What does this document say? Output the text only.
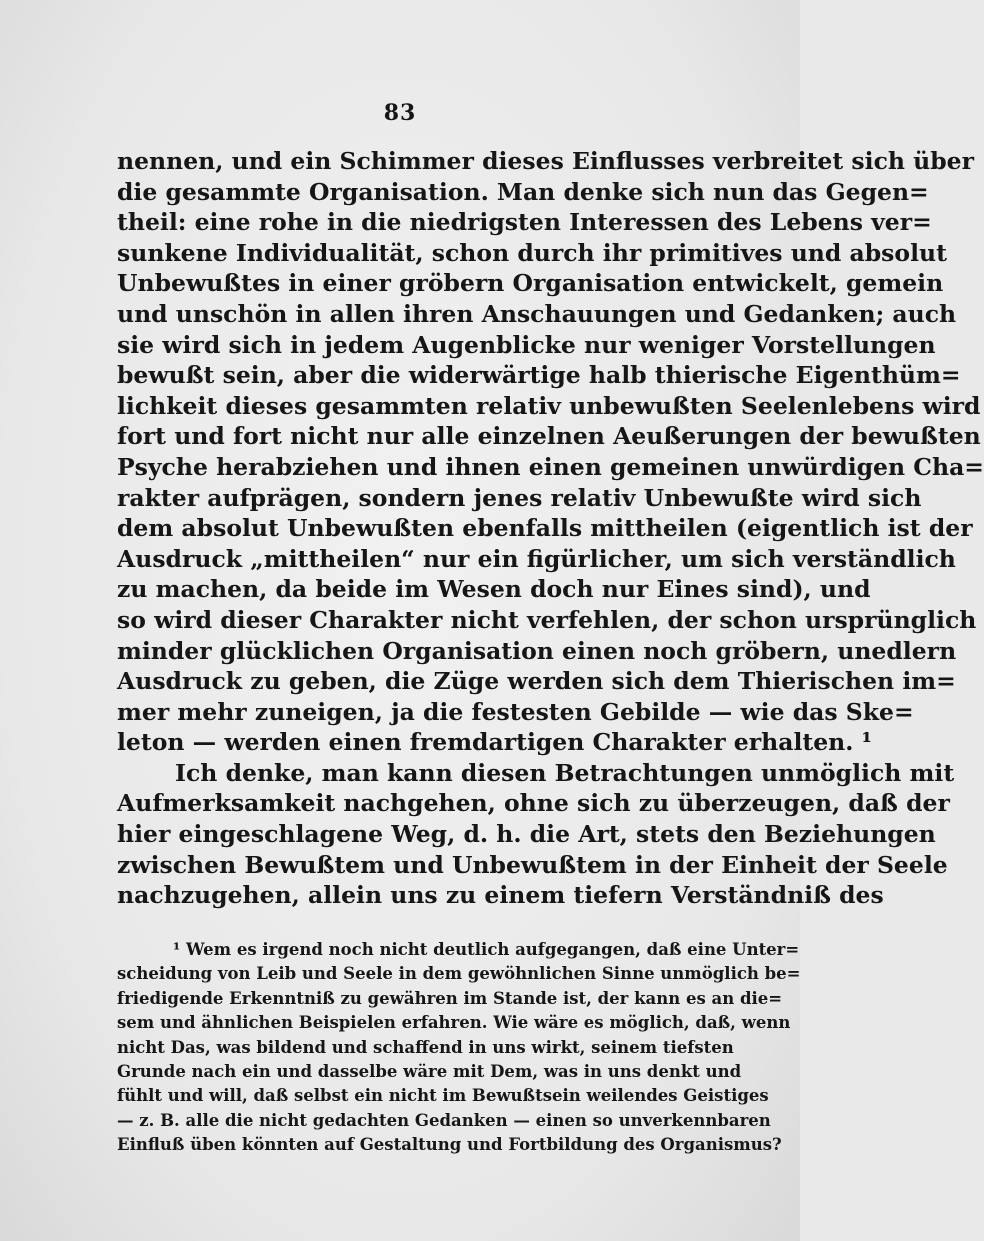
83
nennen, und ein Schimmer dieses Einflusses verbreitet sich über
die gesammte Organisation. Man denke sich nun das Gegen=
theil: eine rohe in die niedrigsten Interessen des Lebens ver=
sunkene Individualität, schon durch ihr primitives und absolut
Unbewußtes in einer gröbern Organisation entwickelt, gemein
und unschön in allen ihren Anschauungen und Gedanken; auch
sie wird sich in jedem Augenblicke nur weniger Vorstellungen
bewußt sein, aber die widerwärtige halb thierische Eigenthüm=
lichkeit dieses gesammten relativ unbewußten Seelenlebens wird
fort und fort nicht nur alle einzelnen Aeußerungen der bewußten
Psyche herabziehen und ihnen einen gemeinen unwürdigen Cha=
rakter aufprägen, sondern jenes relativ Unbewußte wird sich
dem absolut Unbewußten ebenfalls mittheilen (eigentlich ist der
Ausdruck „mittheilen“ nur ein figürlicher, um sich verständlich
zu machen, da beide im Wesen doch nur Eines sind), und
so wird dieser Charakter nicht verfehlen, der schon ursprünglich
minder glücklichen Organisation einen noch gröbern, unedlern
Ausdruck zu geben, die Züge werden sich dem Thierischen im=
mer mehr zuneigen, ja die festesten Gebilde — wie das Ske=
leton — werden einen fremdartigen Charakter erhalten. ¹
Ich denke, man kann diesen Betrachtungen unmöglich mit
Aufmerksamkeit nachgehen, ohne sich zu überzeugen, daß der
hier eingeschlagene Weg, d. h. die Art, stets den Beziehungen
zwischen Bewußtem und Unbewußtem in der Einheit der Seele
nachzugehen, allein uns zu einem tiefern Verständniß des
¹ Wem es irgend noch nicht deutlich aufgegangen, daß eine Unter=
scheidung von Leib und Seele in dem gewöhnlichen Sinne unmöglich be=
friedigende Erkenntniß zu gewähren im Stande ist, der kann es an die=
sem und ähnlichen Beispielen erfahren. Wie wäre es möglich, daß, wenn
nicht Das, was bildend und schaffend in uns wirkt, seinem tiefsten
Grunde nach ein und dasselbe wäre mit Dem, was in uns denkt und
fühlt und will, daß selbst ein nicht im Bewußtsein weilendes Geistiges
— z. B. alle die nicht gedachten Gedanken — einen so unverkennbaren
Einfluß üben könnten auf Gestaltung und Fortbildung des Organismus?
